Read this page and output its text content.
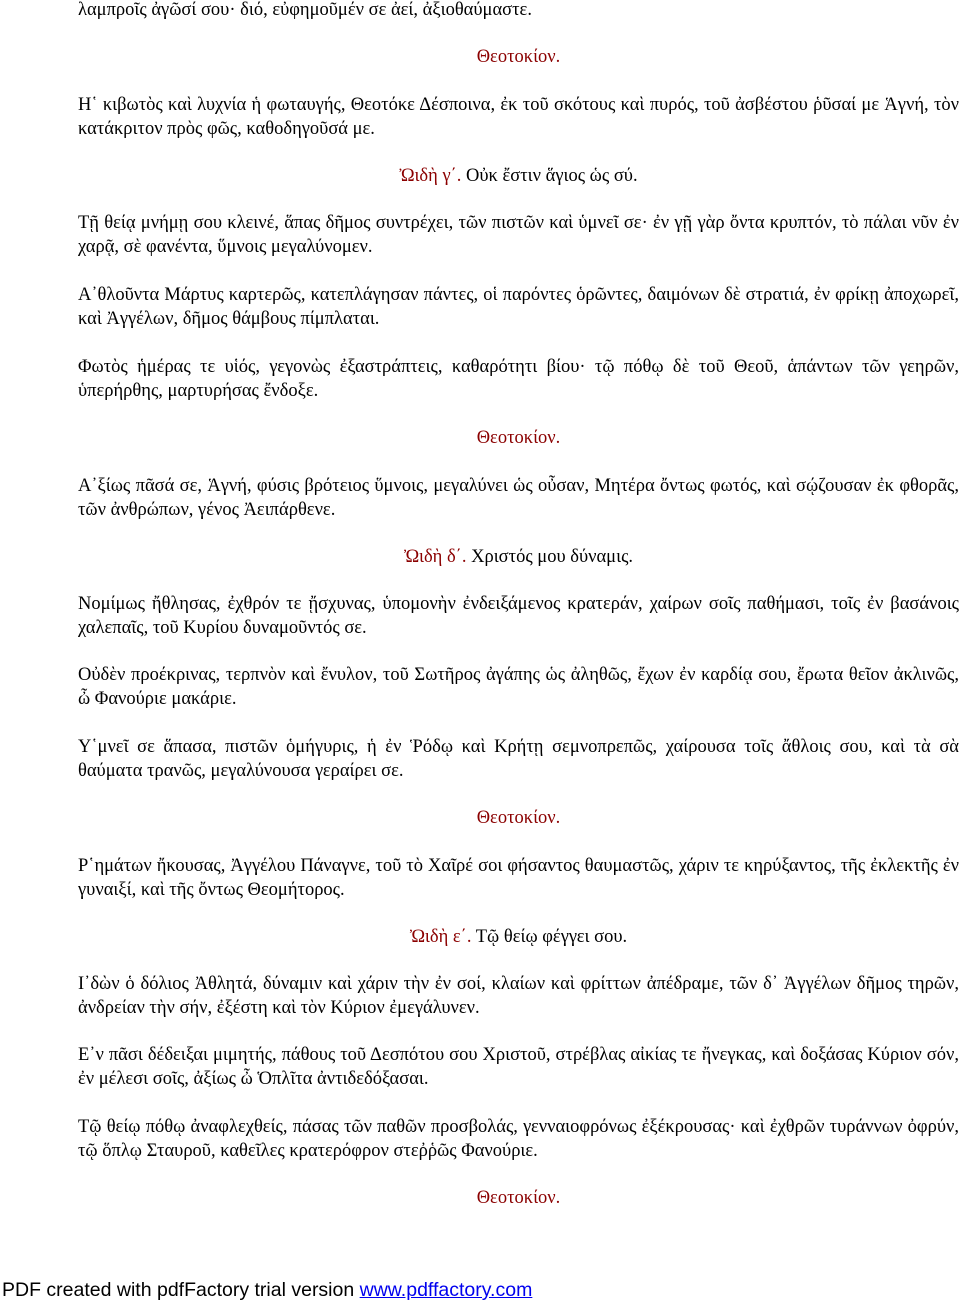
λαμπροῖς ἀγῶσί σου· διό, εὐφημοῦμέν σε ἀεί, ἀξιοθαύμαστε.

Θεοτοκίον.

Η῾ κιβωτὸς καὶ λυχνία ἡ φωταυγής, Θεοτόκε Δέσποινα, ἐκ τοῦ σκότους καὶ πυρός, τοῦ ἀσβέστου ῥῦσαί με Ἁγνή, τὸν κατάκριτον πρὸς φῶς, καθοδηγοῦσά με.

Ὠιδὴ γ΄. Οὐκ ἔστιν ἅγιος ὡς σύ.

Τῇ θείᾳ μνήμῃ σου κλεινέ, ἅπας δῆμος συντρέχει, τῶν πιστῶν καὶ ὑμνεῖ σε· ἐν γῇ γὰρ ὄντα κρυπτόν, τὸ πάλαι νῦν ἐν χαρᾷ, σὲ φανέντα, ὕμνοις μεγαλύνομεν.

Α᾿θλοῦντα Μάρτυς καρτερῶς, κατεπλάγησαν πάντες, οἱ παρόντες ὁρῶντες, δαιμόνων δὲ στρατιά, ἐν φρίκῃ ἀποχωρεῖ, καὶ Ἀγγέλων, δῆμος θάμβους πίμπλαται.

Φωτὸς ἡμέρας τε υἱός, γεγονὼς ἐξαστράπτεις, καθαρότητι βίου· τῷ πόθῳ δὲ τοῦ Θεοῦ, ἁπάντων τῶν γεηρῶν, ὑπερήρθης, μαρτυρήσας ἔνδοξε.

Θεοτοκίον.

Α᾿ξίως πᾶσά σε, Ἁγνή, φύσις βρότειος ὕμνοις, μεγαλύνει ὡς οὖσαν, Μητέρα ὄντως φωτός, καὶ σῴζουσαν ἐκ φθορᾶς, τῶν ἀνθρώπων, γένος Ἀειπάρθενε.

Ὠιδὴ δ΄. Χριστός μου δύναμις.

Νομίμως ἤθλησας, ἐχθρόν τε ᾔσχυνας, ὑπομονὴν ἐνδειξάμενος κρατεράν, χαίρων σοῖς παθήμασι, τοῖς ἐν βασάνοις χαλεπαῖς, τοῦ Κυρίου δυναμοῦντός σε.

Οὐδὲν προέκρινας, τερπνὸν καὶ ἔνυλον, τοῦ Σωτῆρος ἀγάπης ὡς ἀληθῶς, ἔχων ἐν καρδίᾳ σου, ἔρωτα θεῖον ἀκλινῶς, ὦ Φανούριε μακάριε.

Υ῾μνεῖ σε ἅπασα, πιστῶν ὁμήγυρις, ἡ ἐν Ῥόδῳ καὶ Κρήτῃ σεμνοπρεπῶς, χαίρουσα τοῖς ἄθλοις σου, καὶ τὰ σὰ θαύματα τρανῶς, μεγαλύνουσα γεραίρει σε.

Θεοτοκίον.

Ρ῾ημάτων ἤκουσας, Ἀγγέλου Πάναγνε, τοῦ τὸ Χαῖρέ σοι φήσαντος θαυμαστῶς, χάριν τε κηρύξαντος, τῆς ἐκλεκτῆς ἐν γυναιξί, καὶ τῆς ὄντως Θεομήτορος.

Ὠιδὴ ε΄. Τῷ θείῳ φέγγει σου.

Ι᾿δὼν ὁ δόλιος Ἀθλητά, δύναμιν καὶ χάριν τὴν ἐν σοί, κλαίων καὶ φρίττων ἀπέδραμε, τῶν δ᾿ Ἀγγέλων δῆμος τηρῶν, ἀνδρείαν τὴν σήν, ἐξέστη καὶ τὸν Κύριον ἐμεγάλυνεν.

Ε᾿ν πᾶσι δέδειξαι μιμητής, πάθους τοῦ Δεσπότου σου Χριστοῦ, στρέβλας αἰκίας τε ἤνεγκας, καὶ δοξάσας Κύριον σόν, ἐν μέλεσι σοῖς, ἀξίως ὦ Ὁπλῖτα ἀντιδεδόξασαι.

Τῷ θείῳ πόθῳ ἀναφλεχθείς, πάσας τῶν παθῶν προσβολάς, γενναιοφρόνως ἐξέκρουσας· καὶ ἐχθρῶν τυράννων ὀφρύν, τῷ ὅπλῳ Σταυροῦ, καθεῖλες κρατερόφρον στεῤῥῶς Φανούριε.

Θεοτοκίον.

PDF created with pdfFactory trial version www.pdffactory.com
